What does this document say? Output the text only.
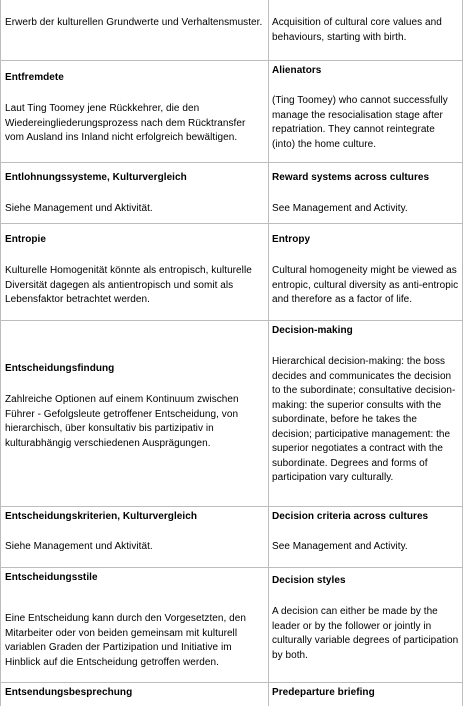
Erwerb der kulturellen Grundwerte und Verhaltensmuster. Acquisition of cultural core values and behaviours, starting with birth.
Entfremdete
Laut Ting Toomey jene Rückkehrer, die den Wiedereingliederungsprozess nach dem Rücktransfer vom Ausland ins Inland nicht erfolgreich bewältigen.
Alienators
(Ting Toomey) who cannot successfully manage the resocialisation stage after repatriation. They cannot reintegrate (into) the home culture.
Entlohnungssysteme, Kulturvergleich
Siehe Management und Aktivität.
Reward systems across cultures
See Management and Activity.
Entropie
Kulturelle Homogenität könnte als entropisch, kulturelle Diversität dagegen als antientropisch und somit als Lebensfaktor betrachtet werden.
Entropy
Cultural homogeneity might be viewed as entropic, cultural diversity as anti-entropic and therefore as a factor of life.
Entscheidungsfindung
Zahlreiche Optionen auf einem Kontinuum zwischen Führer - Gefolgsleute getroffener Entscheidung, von hierarchisch, über konsultativ bis partizipativ in kulturabhängig verschiedenen Ausprägungen.
Decision-making
Hierarchical decision-making: the boss decides and communicates the decision to the subordinate; consultative decision-making: the superior consults with the subordinate, before he takes the decision; participative management: the superior negotiates a contract with the subordinate. Degrees and forms of participation vary culturally.
Entscheidungskriterien, Kulturvergleich
Siehe Management und Aktivität.
Decision criteria across cultures
See Management and Activity.
Entscheidungsstile
Eine Entscheidung kann durch den Vorgesetzten, den Mitarbeiter oder von beiden gemeinsam mit kulturell variablen Graden der Partizipation und Initiative im Hinblick auf die Entscheidung getroffen werden.
Decision styles
A decision can either be made by the leader or by the follower or jointly in culturally variable degrees of participation by both.
Entsendungsbesprechung	Predeparture briefing
